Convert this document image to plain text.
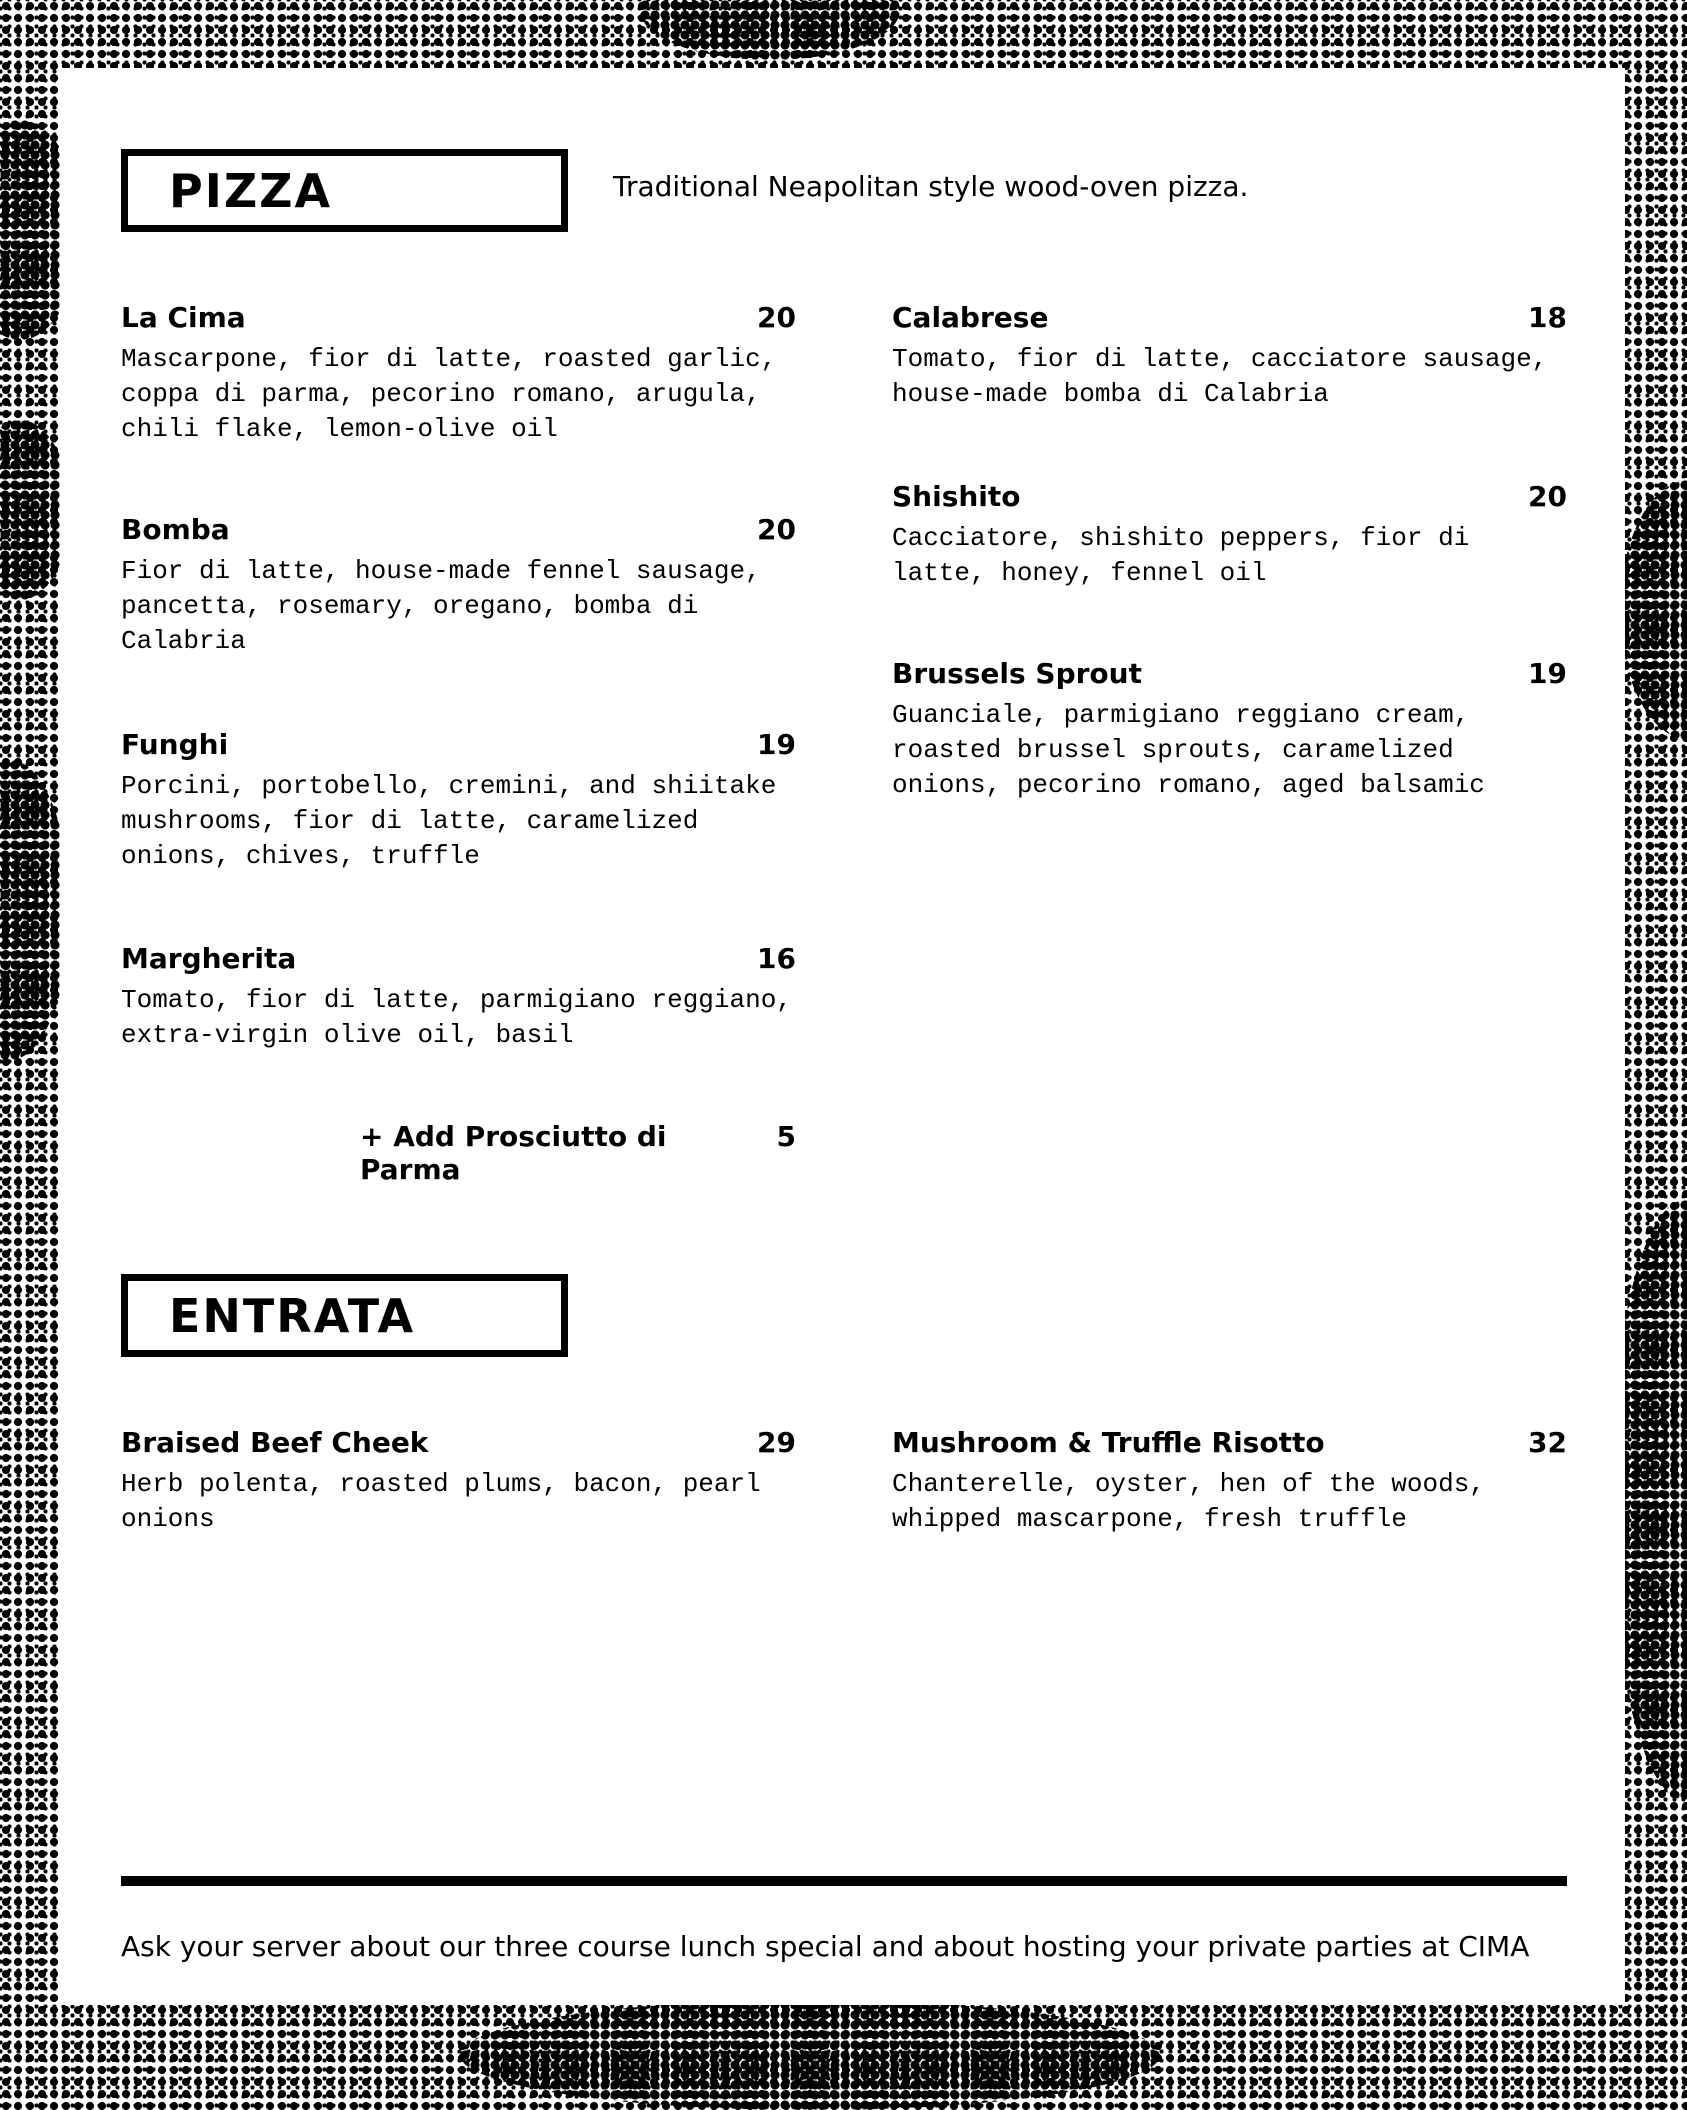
PIZZA	Traditional Neapolitan style wood-oven pizza.
La Cima	20
Mascarpone, fior di latte, roasted garlic, coppa di parma, pecorino romano, arugula, chili flake, lemon-olive oil
Bomba	20
Fior di latte, house-made fennel sausage, pancetta, rosemary, oregano, bomba di Calabria
Funghi	19
Porcini, portobello, cremini, and shiitake mushrooms, fior di latte, caramelized onions, chives, truffle
Margherita	16
Tomato, fior di latte, parmigiano reggiano, extra-virgin olive oil, basil
+ Add Prosciutto di Parma
5
Calabrese	18
Tomato, fior di latte, cacciatore sausage, house-made bomba di Calabria
Shishito	20
Cacciatore, shishito peppers, fior di latte, honey, fennel oil
Brussels Sprout	19
Guanciale, parmigiano reggiano cream, roasted brussel sprouts, caramelized onions, pecorino romano, aged balsamic
ENTRATA
Braised Beef Cheek	29
Herb polenta, roasted plums, bacon, pearl onions
Mushroom & Truffle Risotto	32
Chanterelle, oyster, hen of the woods, whipped mascarpone, fresh truffle
Ask your server about our three course lunch special and about hosting your private parties at CIMA
